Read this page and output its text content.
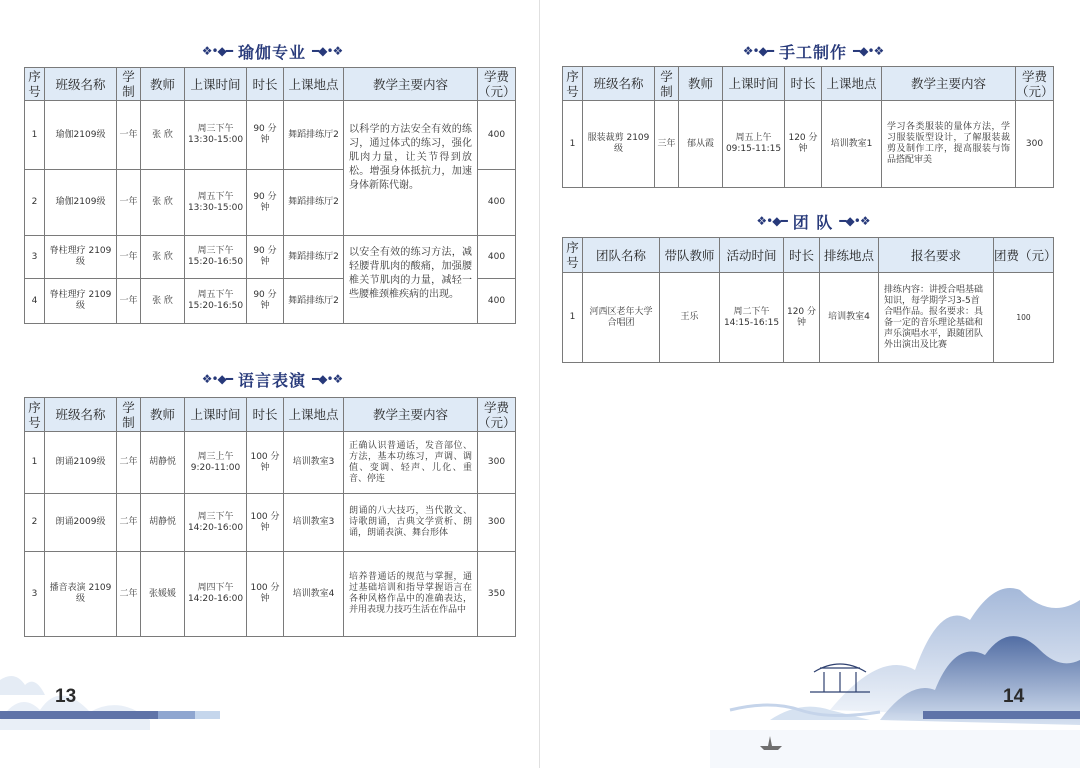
❖•◆━ 瑜伽专业 ━◆•❖
序号	班级名称	学制	教师	上课时间	时长	上课地点	教学主要内容	学费（元）
1	瑜伽2109级	一年	张 欣	周三下午 13:30-15:00	90 分钟	舞蹈排练厅2	以科学的方法安全有效的练习，通过体式的练习，强化肌肉力量，让关节得到放松。增强身体抵抗力，加速身体新陈代谢。	400
2	瑜伽2109级	一年	张 欣	周五下午 13:30-15:00	90 分钟	舞蹈排练厅2		400
3	脊柱理疗 2109级	一年	张 欣	周三下午 15:20-16:50	90 分钟	舞蹈排练厅2	以安全有效的练习方法，减轻腰背肌肉的酸痛，加强腰椎关节肌肉的力量，减轻一些腰椎颈椎疾病的出现。	400
4	脊柱理疗 2109级	一年	张 欣	周五下午 15:20-16:50	90 分钟	舞蹈排练厅2		400
❖•◆━ 语言表演 ━◆•❖
序号	班级名称	学制	教师	上课时间	时长	上课地点	教学主要内容	学费（元）
1	朗诵2109级	二年	胡静悦	周三上午 9:20-11:00	100 分钟	培训教室3	正确认识普通话，发音部位、方法，基本功练习，声调、调值、变调、轻声、儿化、重音、停连	300
2	朗诵2009级	二年	胡静悦	周三下午 14:20-16:00	100 分钟	培训教室3	朗诵的八大技巧，当代散文、诗歌朗诵，古典文学赏析、朗诵，朗诵表演、舞台形体	300
3	播音表演 2109级	二年	张媛媛	周四下午 14:20-16:00	100 分钟	培训教室4	培养普通话的规范与掌握，通过基础培训和指导掌握语言在各种风格作品中的准确表达，并用表现力技巧生活在作品中	350
13
❖•◆━ 手工制作 ━◆•❖
序号	班级名称	学制	教师	上课时间	时长	上课地点	教学主要内容	学费（元）
1	服装裁剪 2109级	三年	郁从霞	周五上午 09:15-11:15	120 分钟	培训教室1	学习各类服装的量体方法，学习服装版型设计，了解服装裁剪及制作工序，提高服装与饰品搭配审美	300
❖•◆━ 团 队 ━◆•❖
序号	团队名称	带队教师	活动时间	时长	排练地点	报名要求	团费（元）
1	河西区老年大学 合唱团	王乐	周二下午 14:15-16:15	120 分钟	培训教室4	排练内容：讲授合唱基础知识，每学期学习3-5首合唱作品。报名要求：具备一定的音乐理论基础和声乐演唱水平，跟随团队外出演出及比赛	100
14
